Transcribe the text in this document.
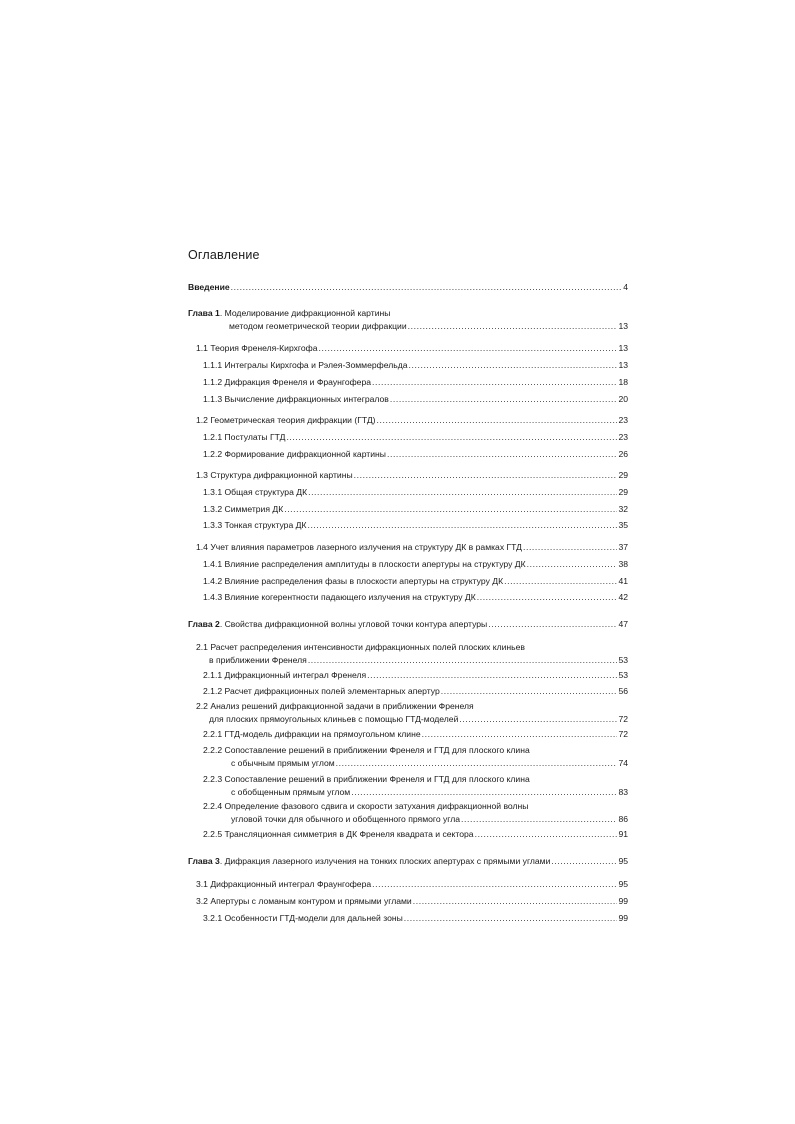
Оглавление
Введение .....	4
Глава 1. Моделирование дифракционной картины
методом геометрической теории дифракции .....	13
1.1 Теория Френеля-Кирхгофа .....	13
1.1.1 Интегралы Кирхгофа и Рэлея-Зоммерфельда .....	13
1.1.2 Дифракция Френеля и Фраунгофера .....	18
1.1.3 Вычисление дифракционных интегралов .....	20
1.2 Геометрическая теория дифракции (ГТД) .....	23
1.2.1 Постулаты ГТД .....	23
1.2.2 Формирование дифракционной картины .....	26
1.3 Структура дифракционной картины .....	29
1.3.1 Общая структура ДК .....	29
1.3.2 Симметрия ДК .....	32
1.3.3 Тонкая структура ДК .....	35
1.4 Учет влияния параметров лазерного излучения на структуру ДК в рамках ГТД .....	37
1.4.1 Влияние распределения амплитуды в плоскости апертуры на структуру ДК .....	38
1.4.2 Влияние распределения фазы в плоскости апертуры на структуру ДК .....	41
1.4.3 Влияние когерентности падающего излучения на структуру ДК .....	42
Глава 2. Свойства дифракционной волны угловой точки контура апертуры .....	47
2.1 Расчет распределения интенсивности дифракционных полей плоских клиньев
в приближении Френеля .....	53
2.1.1 Дифракционный интеграл Френеля .....	53
2.1.2 Расчет дифракционных полей элементарных апертур .....	56
2.2 Анализ решений дифракционной задачи в приближении Френеля
для плоских прямоугольных клиньев с помощью ГТД-моделей .....	72
2.2.1 ГТД-модель дифракции на прямоугольном клине .....	72
2.2.2 Сопоставление решений в приближении Френеля и ГТД для плоского клина
с обычным прямым углом .....	74
2.2.3 Сопоставление решений в приближении Френеля и ГТД для плоского клина
с обобщенным прямым углом .....	83
2.2.4 Определение фазового сдвига и скорости затухания дифракционной волны
угловой точки для обычного и обобщенного прямого угла .....	86
2.2.5 Трансляционная симметрия в ДК Френеля квадрата и сектора .....	91
Глава 3. Дифракция лазерного излучения на тонких плоских апертурах с прямыми углами .....	95
3.1 Дифракционный интеграл Фраунгофера .....	95
3.2 Апертуры с ломаным контуром и прямыми углами .....	99
3.2.1 Особенности ГТД-модели для дальней зоны .....	99
